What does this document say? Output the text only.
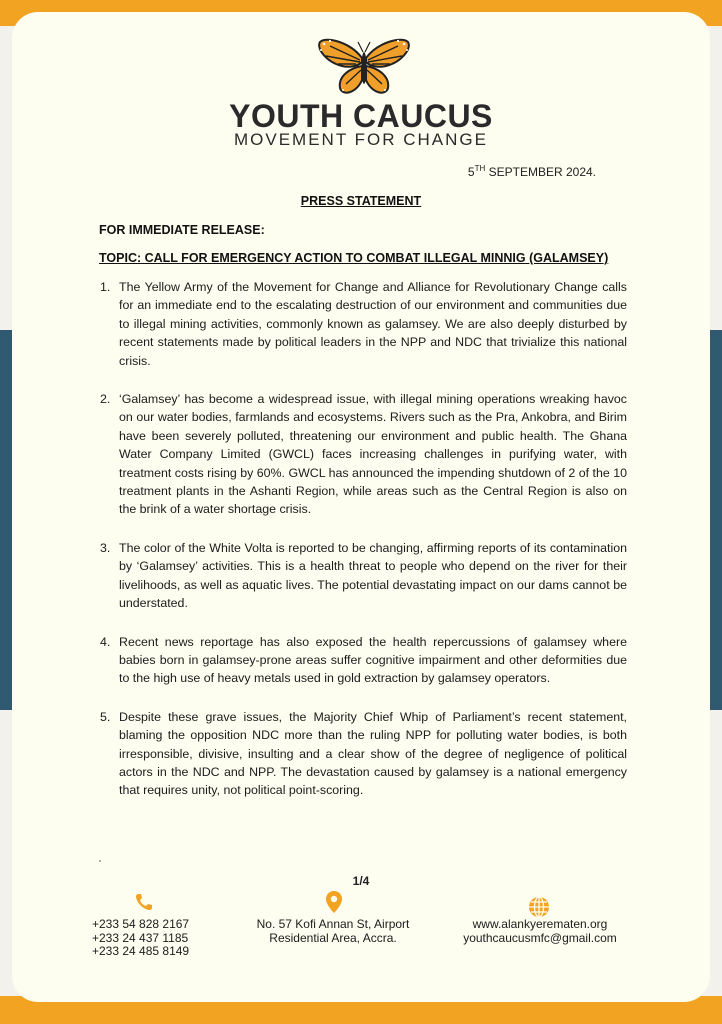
YOUTH CAUCUS
MOVEMENT FOR CHANGE
5TH SEPTEMBER 2024.
PRESS STATEMENT
FOR IMMEDIATE RELEASE:
TOPIC: CALL FOR EMERGENCY ACTION TO COMBAT ILLEGAL MINNIG (GALAMSEY)
1. The Yellow Army of the Movement for Change and Alliance for Revolutionary Change calls for an immediate end to the escalating destruction of our environment and communities due to illegal mining activities, commonly known as galamsey. We are also deeply disturbed by recent statements made by political leaders in the NPP and NDC that trivialize this national crisis.
2. ‘Galamsey’ has become a widespread issue, with illegal mining operations wreaking havoc on our water bodies, farmlands and ecosystems. Rivers such as the Pra, Ankobra, and Birim have been severely polluted, threatening our environment and public health. The Ghana Water Company Limited (GWCL) faces increasing challenges in purifying water, with treatment costs rising by 60%. GWCL has announced the impending shutdown of 2 of the 10 treatment plants in the Ashanti Region, while areas such as the Central Region is also on the brink of a water shortage crisis.
3. The color of the White Volta is reported to be changing, affirming reports of its contamination by ‘Galamsey’ activities. This is a health threat to people who depend on the river for their livelihoods, as well as aquatic lives. The potential devastating impact on our dams cannot be understated.
4. Recent news reportage has also exposed the health repercussions of galamsey where babies born in galamsey-prone areas suffer cognitive impairment and other deformities due to the high use of heavy metals used in gold extraction by galamsey operators.
5. Despite these grave issues, the Majority Chief Whip of Parliament’s recent statement, blaming the opposition NDC more than the ruling NPP for polluting water bodies, is both irresponsible, divisive, insulting and a clear show of the degree of negligence of political actors in the NDC and NPP. The devastation caused by galamsey is a national emergency that requires unity, not political point-scoring.
1/4
+233 54 828 2167
+233 24 437 1185
+233 24 485 8149
No. 57 Kofi Annan St, Airport
Residential Area, Accra.
www.alankyerematen.org
youthcaucusmfc@gmail.com
